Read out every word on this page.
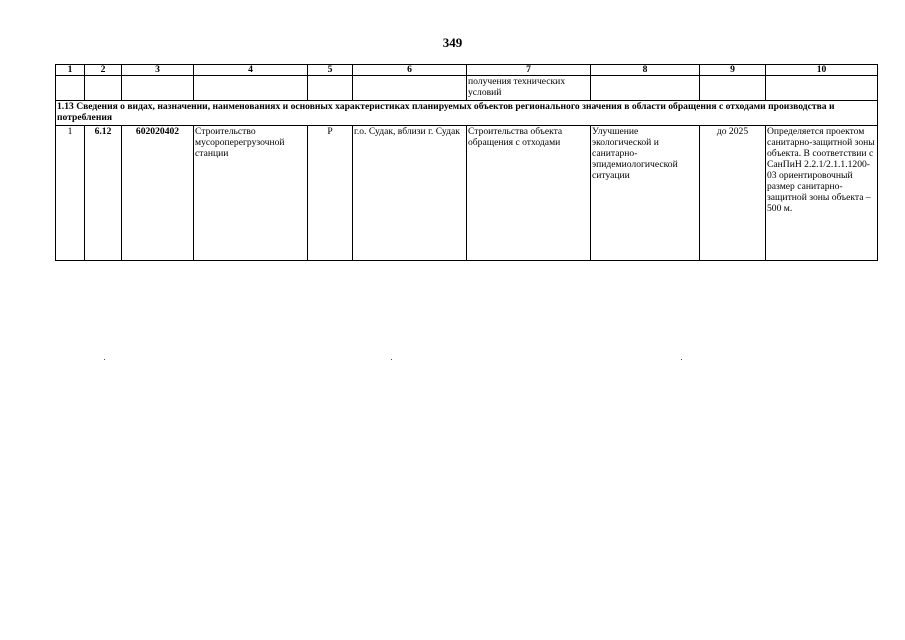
349
1	2	3	4	5	6	7	8	9	10
						получения технических условий			
1.13 Сведения о видах, назначении, наименованиях и основных характеристиках планируемых объектов регионального значения в области обращения с отходами производства и потребления									
1	6.12	602020402	Строительство мусороперегрузочной станции	Р	г.о. Судак, вблизи г. Судак	Строительства объекта обращения с отходами	Улучшение экологической и санитарно-эпидемиологической ситуации	до 2025	Определяется проектом санитарно-защитной зоны объекта. В соответствии с СанПиН 2.2.1/2.1.1.1200-03 ориентировочный размер санитарно-защитной зоны объекта – 500 м.
